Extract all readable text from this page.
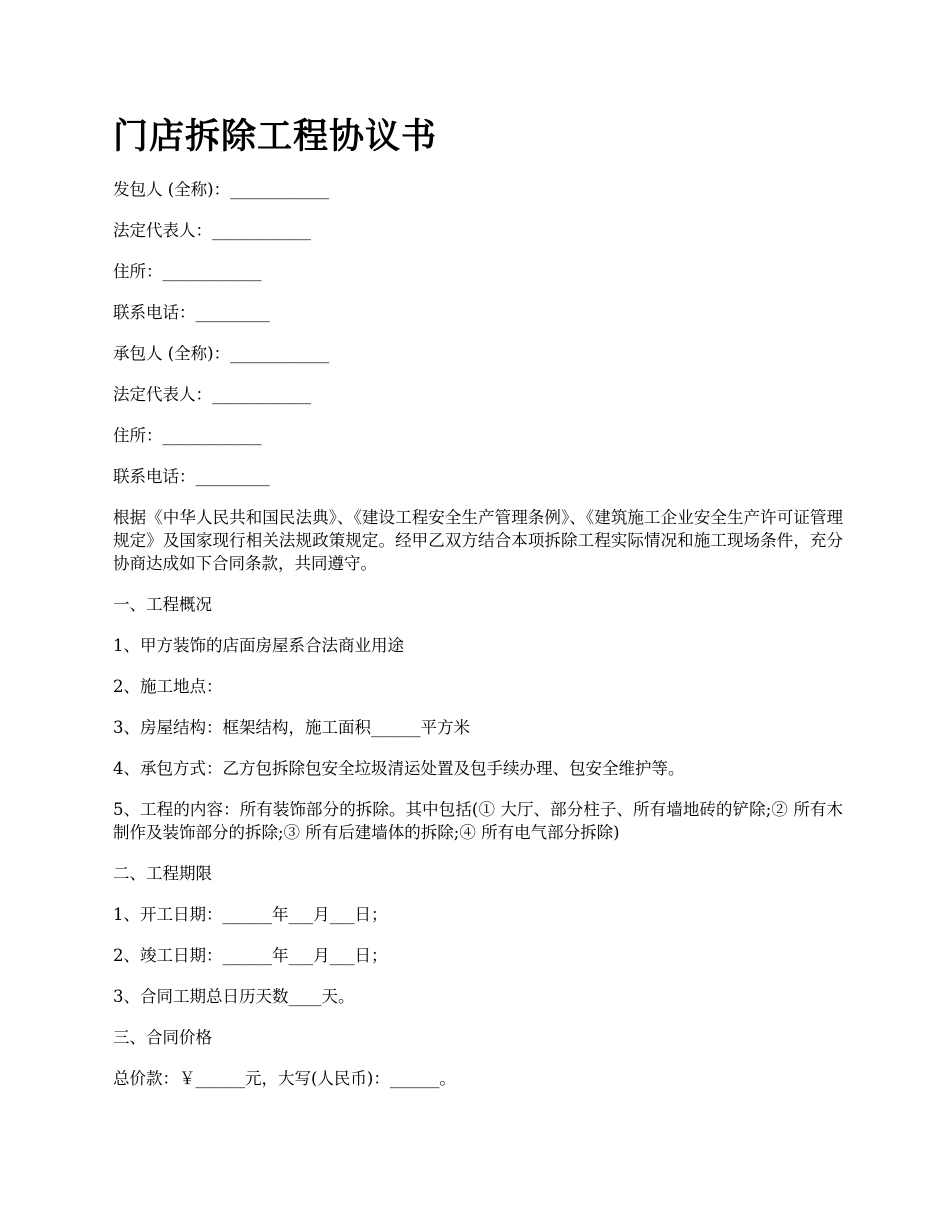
门店拆除工程协议书

发包人 (全称)：____________

法定代表人：____________

住所：____________

联系电话：_________

承包人 (全称)：____________

法定代表人：____________

住所：____________

联系电话：_________

根据《中华人民共和国民法典》、《建设工程安全生产管理条例》、《建筑施工企业安全生产许可证管理规定》及国家现行相关法规政策规定。经甲乙双方结合本项拆除工程实际情况和施工现场条件，充分协商达成如下合同条款，共同遵守。

一、工程概况

1、甲方装饰的店面房屋系合法商业用途

2、施工地点：

3、房屋结构：框架结构，施工面积______平方米

4、承包方式：乙方包拆除包安全垃圾清运处置及包手续办理、包安全维护等。

5、工程的内容：所有装饰部分的拆除。其中包括(① 大厅、部分柱子、所有墙地砖的铲除;② 所有木制作及装饰部分的拆除;③ 所有后建墙体的拆除;④ 所有电气部分拆除)

二、工程期限

1、开工日期：______年___月___日；

2、竣工日期：______年___月___日；

3、合同工期总日历天数____天。

三、合同价格

总价款：￥______元，大写(人民币)：______。
